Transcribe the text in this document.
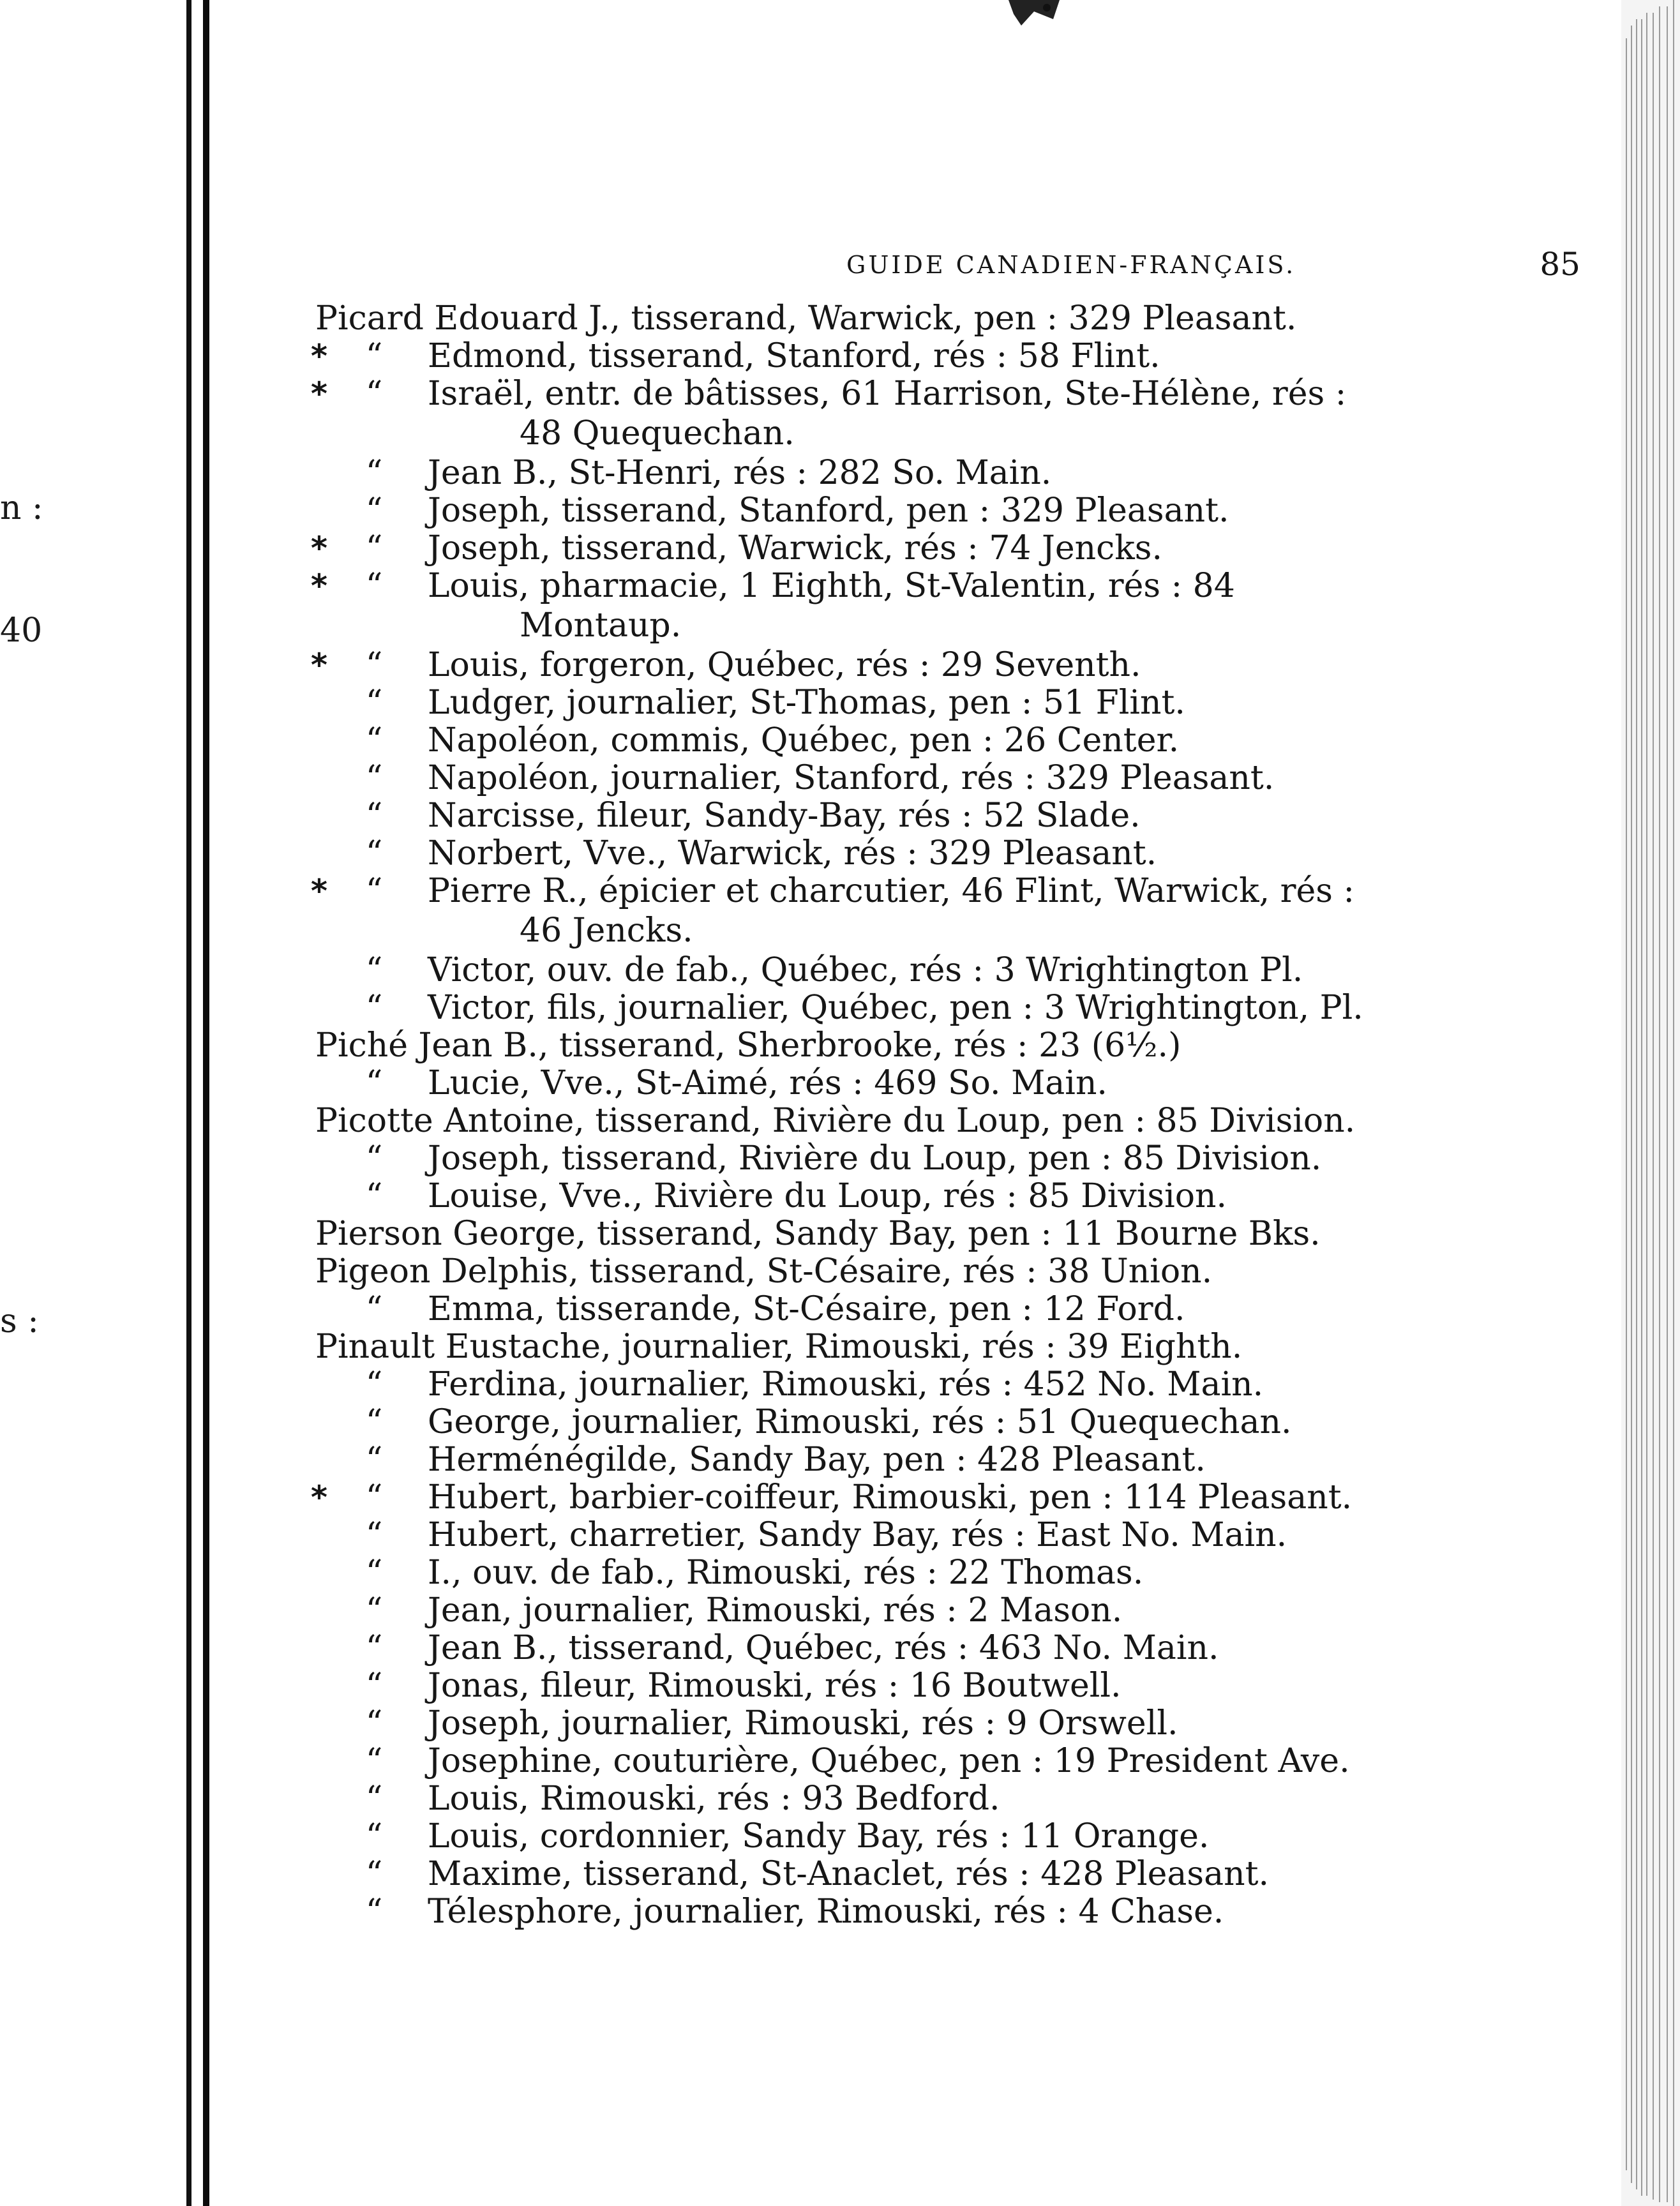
n :
40
s :
GUIDE CANADIEN-FRANÇAIS.	85
Picard Edouard J., tisserand, Warwick, pen : 329 Pleasant.
* “ Edmond, tisserand, Stanford, rés : 58 Flint.
* “ Israël, entr. de bâtisses, 61 Harrison, Ste-Hélène, rés :
48 Quequechan.
“ Jean B., St-Henri, rés : 282 So. Main.
“ Joseph, tisserand, Stanford, pen : 329 Pleasant.
* “ Joseph, tisserand, Warwick, rés : 74 Jencks.
* “ Louis, pharmacie, 1 Eighth, St-Valentin, rés : 84
Montaup.
* “ Louis, forgeron, Québec, rés : 29 Seventh.
“ Ludger, journalier, St-Thomas, pen : 51 Flint.
“ Napoléon, commis, Québec, pen : 26 Center.
“ Napoléon, journalier, Stanford, rés : 329 Pleasant.
“ Narcisse, fileur, Sandy-Bay, rés : 52 Slade.
“ Norbert, Vve., Warwick, rés : 329 Pleasant.
* “ Pierre R., épicier et charcutier, 46 Flint, Warwick, rés :
46 Jencks.
“ Victor, ouv. de fab., Québec, rés : 3 Wrightington Pl.
“ Victor, fils, journalier, Québec, pen : 3 Wrightington, Pl.
Piché Jean B., tisserand, Sherbrooke, rés : 23 (6½.)
“ Lucie, Vve., St-Aimé, rés : 469 So. Main.
Picotte Antoine, tisserand, Rivière du Loup, pen : 85 Division.
“ Joseph, tisserand, Rivière du Loup, pen : 85 Division.
“ Louise, Vve., Rivière du Loup, rés : 85 Division.
Pierson George, tisserand, Sandy Bay, pen : 11 Bourne Bks.
Pigeon Delphis, tisserand, St-Césaire, rés : 38 Union.
“ Emma, tisserande, St-Césaire, pen : 12 Ford.
Pinault Eustache, journalier, Rimouski, rés : 39 Eighth.
“ Ferdina, journalier, Rimouski, rés : 452 No. Main.
“ George, journalier, Rimouski, rés : 51 Quequechan.
“ Herménégilde, Sandy Bay, pen : 428 Pleasant.
* “ Hubert, barbier-coiffeur, Rimouski, pen : 114 Pleasant.
“ Hubert, charretier, Sandy Bay, rés : East No. Main.
“ I., ouv. de fab., Rimouski, rés : 22 Thomas.
“ Jean, journalier, Rimouski, rés : 2 Mason.
“ Jean B., tisserand, Québec, rés : 463 No. Main.
“ Jonas, fileur, Rimouski, rés : 16 Boutwell.
“ Joseph, journalier, Rimouski, rés : 9 Orswell.
“ Josephine, couturière, Québec, pen : 19 President Ave.
“ Louis, Rimouski, rés : 93 Bedford.
“ Louis, cordonnier, Sandy Bay, rés : 11 Orange.
“ Maxime, tisserand, St-Anaclet, rés : 428 Pleasant.
“ Télesphore, journalier, Rimouski, rés : 4 Chase.
